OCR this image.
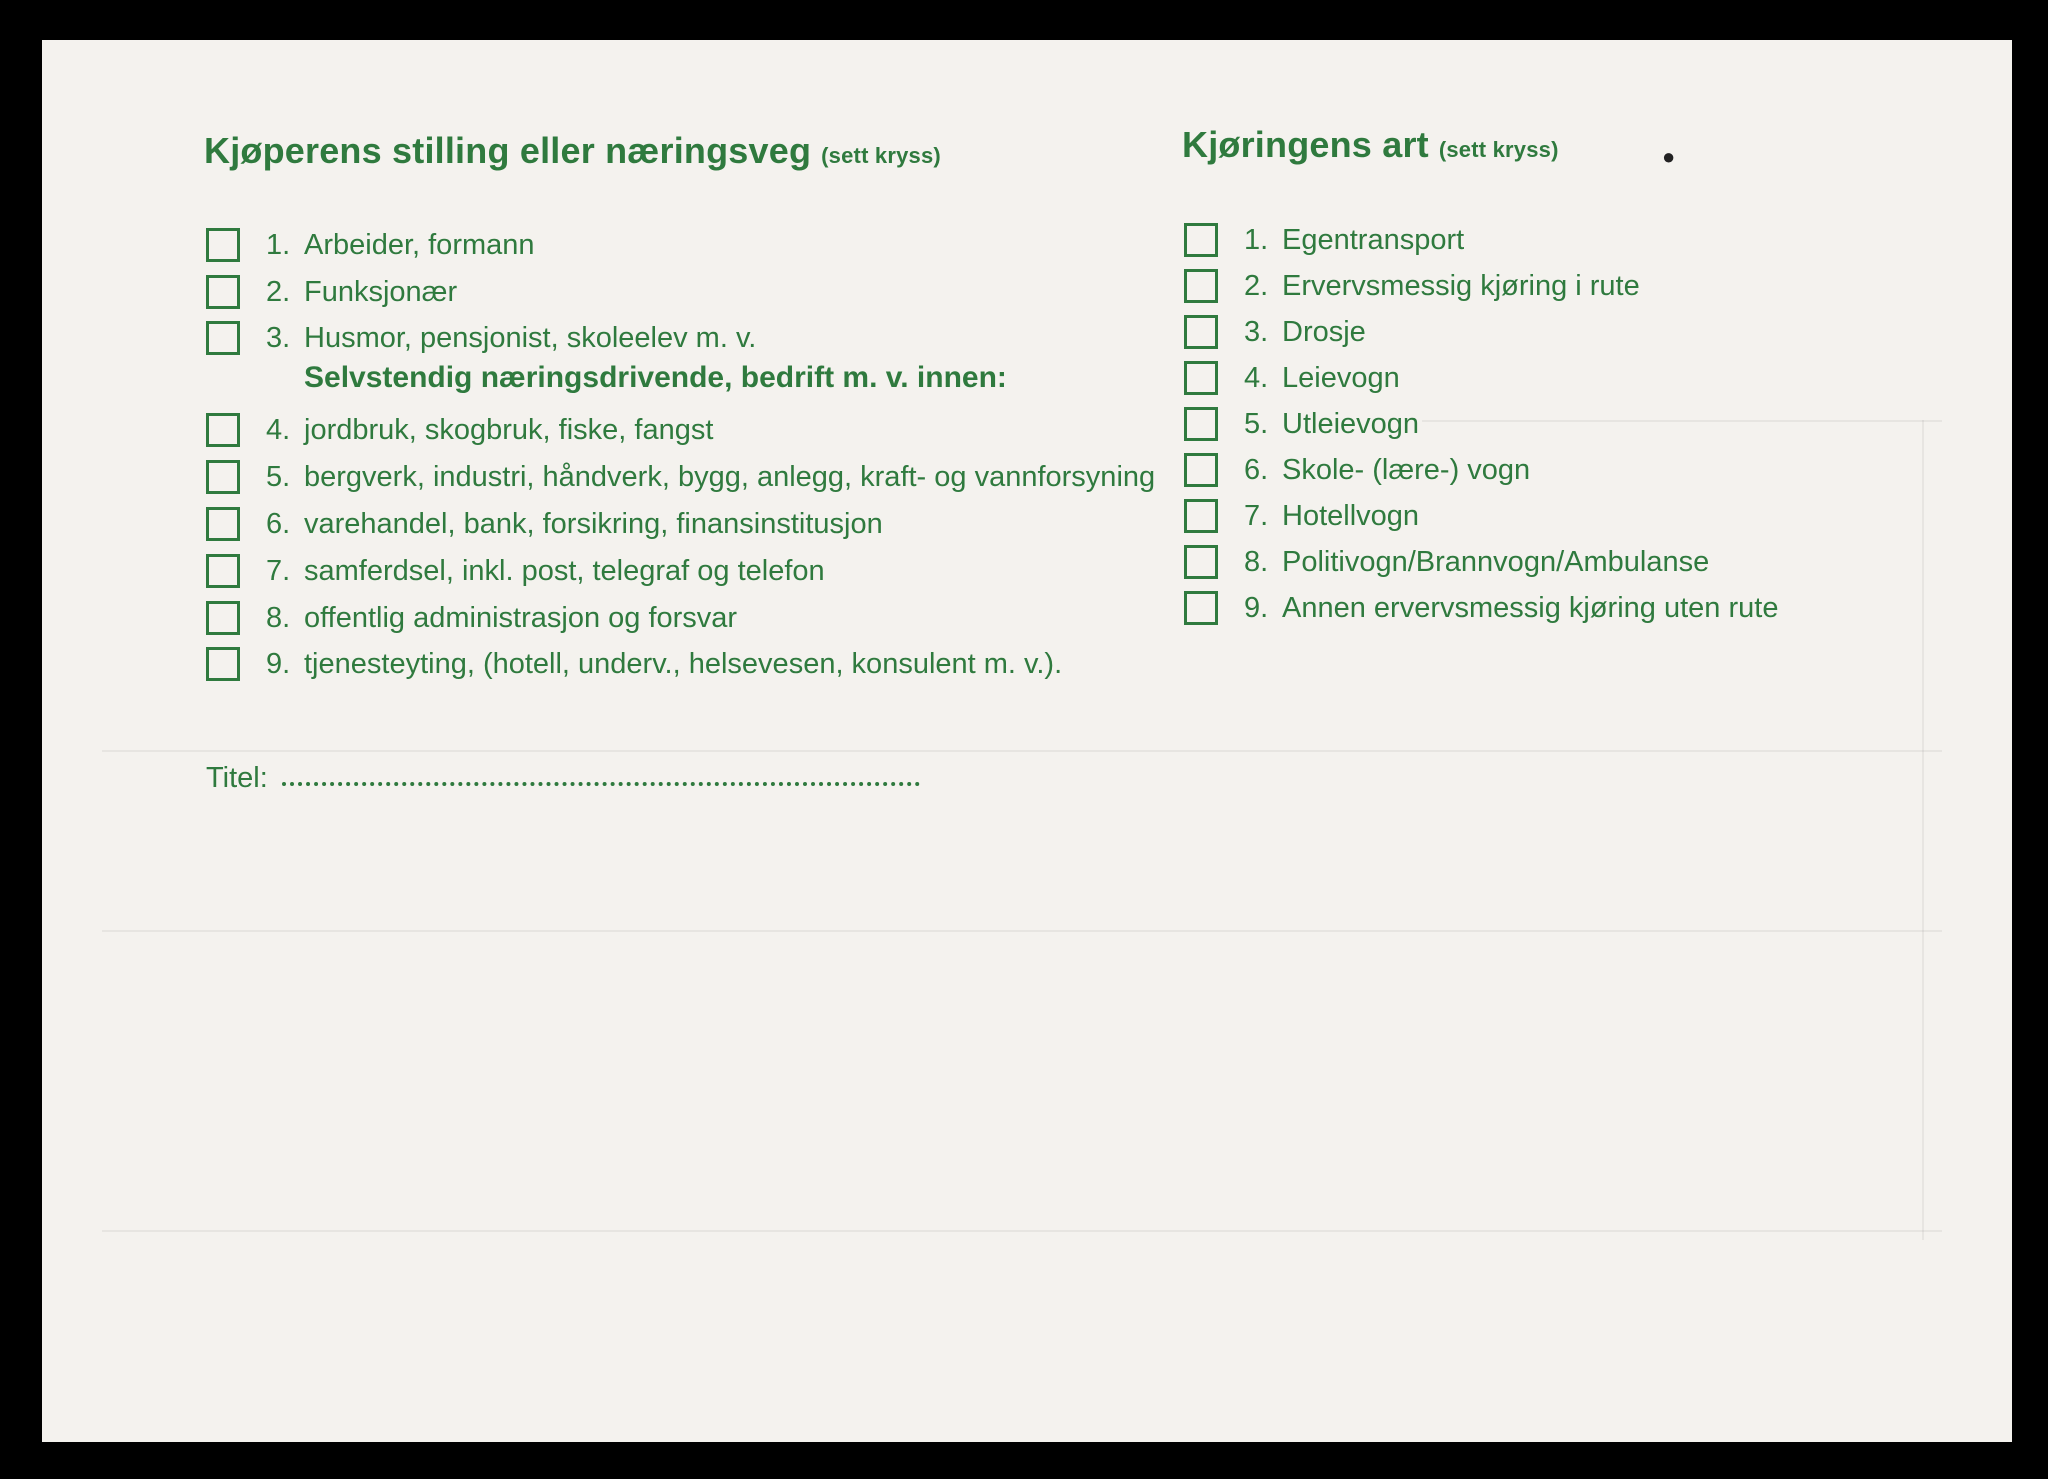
Kjøperens stilling eller næringsveg (sett kryss)
1. Arbeider, formann
2. Funksjonær
3. Husmor, pensjonist, skoleelev m. v.
Selvstendig næringsdrivende, bedrift m. v. innen:
4. jordbruk, skogbruk, fiske, fangst
5. bergverk, industri, håndverk, bygg, anlegg, kraft- og vannforsyning
6. varehandel, bank, forsikring, finansinstitusjon
7. samferdsel, inkl. post, telegraf og telefon
8. offentlig administrasjon og forsvar
9. tjenesteyting, (hotell, underv., helsevesen, konsulent m. v.).
Titel:
Kjøringens art (sett kryss)
1. Egentransport
2. Ervervsmessig kjøring i rute
3. Drosje
4. Leievogn
5. Utleievogn
6. Skole- (lære-) vogn
7. Hotellvogn
8. Politivogn/Brannvogn/Ambulanse
9. Annen ervervsmessig kjøring uten rute
●
